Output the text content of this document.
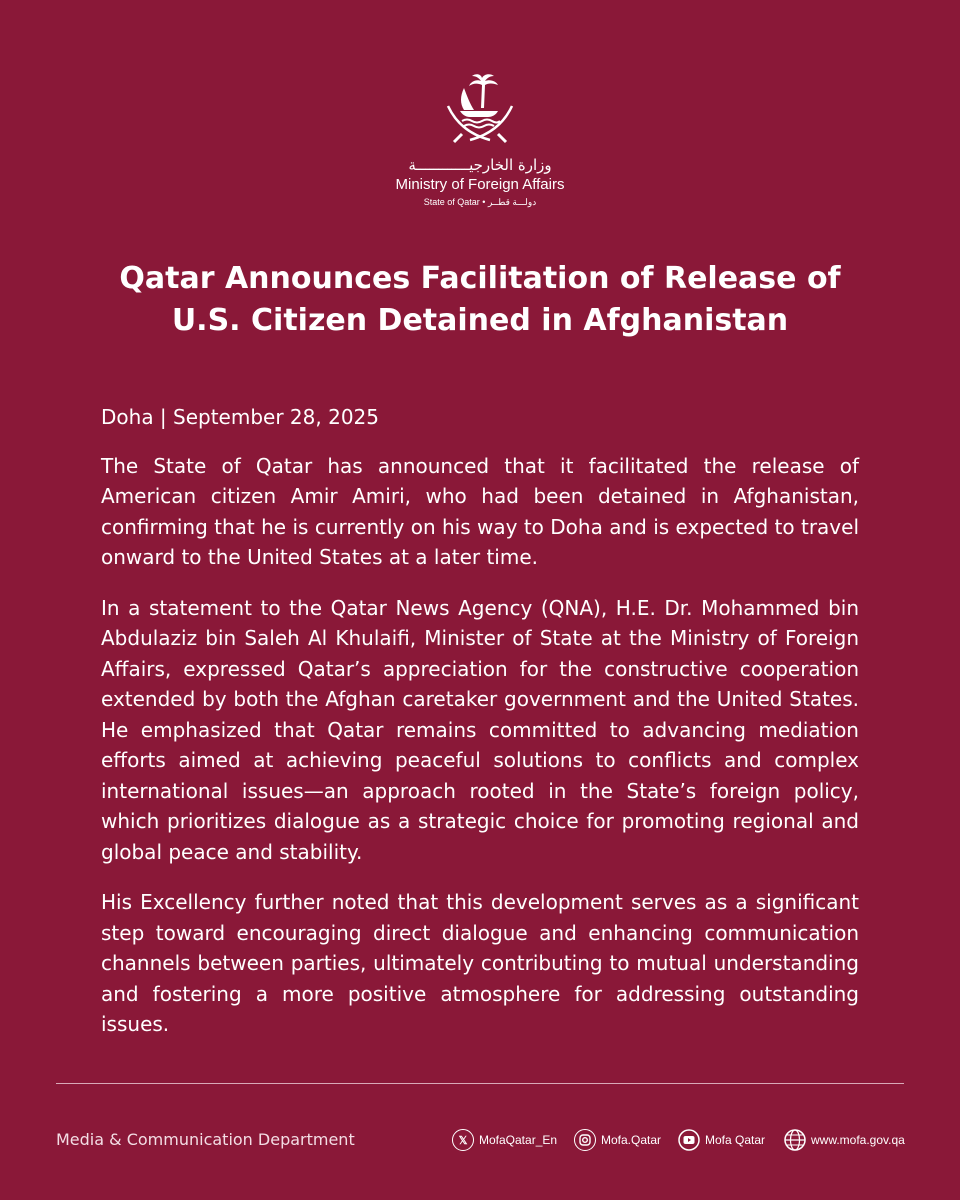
وزارة الخارجيــــــــــــة
Ministry of Foreign Affairs
State of Qatar • دولـــة قطــر
Qatar Announces Facilitation of Release of
U.S. Citizen Detained in Afghanistan

Doha | September 28, 2025

The State of Qatar has announced that it facilitated the release of American citizen Amir Amiri, who had been detained in Afghanistan, confirming that he is currently on his way to Doha and is expected to travel onward to the United States at a later time.

In a statement to the Qatar News Agency (QNA), H.E. Dr. Mohammed bin Abdulaziz bin Saleh Al Khulaifi, Minister of State at the Ministry of Foreign Affairs, expressed Qatar’s appreciation for the constructive cooperation extended by both the Afghan caretaker government and the United States. He emphasized that Qatar remains committed to advancing mediation efforts aimed at achieving peaceful solutions to conflicts and complex international issues—an approach rooted in the State’s foreign policy, which prioritizes dialogue as a strategic choice for promoting regional and global peace and stability.

His Excellency further noted that this development serves as a significant step toward encouraging direct dialogue and enhancing communication channels between parties, ultimately contributing to mutual understanding and fostering a more positive atmosphere for addressing outstanding issues.

Media & Communication Department	𝕏 MofaQatar_En	Mofa.Qatar	Mofa Qatar	www.mofa.gov.qa
